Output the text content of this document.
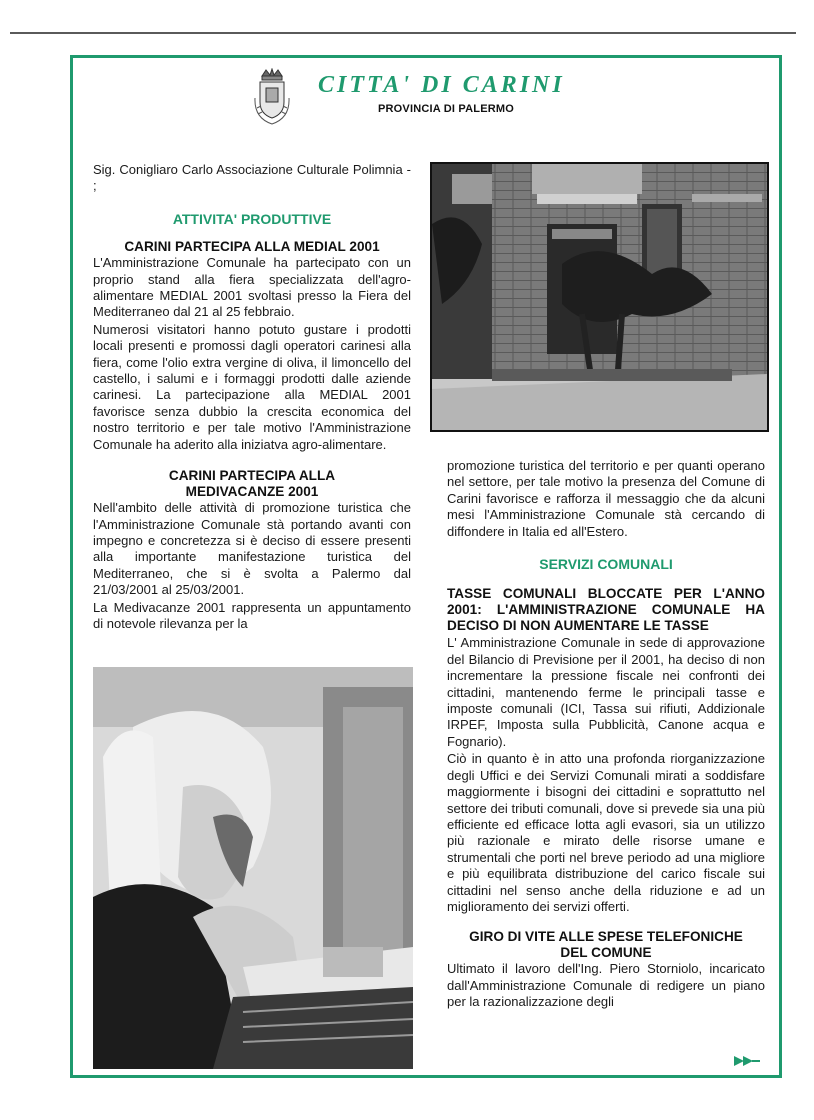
CITTA' DI CARINI
PROVINCIA DI PALERMO

Sig. Conigliaro Carlo Associazione Culturale Polimnia - ;

ATTIVITA' PRODUTTIVE

CARINI PARTECIPA ALLA MEDIAL 2001

L'Amministrazione Comunale ha partecipato con un proprio stand alla fiera specializzata dell'agro-alimentare MEDIAL 2001 svoltasi presso la Fiera del Mediterraneo dal 21 al 25 febbraio.

Numerosi visitatori hanno potuto gustare i prodotti locali presenti e promossi dagli operatori carinesi alla fiera, come l'olio extra vergine di oliva, il limoncello del castello, i salumi e i formaggi prodotti dalle aziende carinesi. La partecipazione alla MEDIAL 2001 favorisce senza dubbio la crescita economica del nostro territorio e per tale motivo l'Amministrazione Comunale ha aderito alla iniziatva agro-alimentare.

CARINI PARTECIPA ALLA
MEDIVACANZE 2001

Nell'ambito delle attività di promozione turistica che l'Amministrazione Comunale stà portando avanti con impegno e concretezza si è deciso di essere presenti alla importante manifestazione turistica del Mediterraneo, che si è svolta a Palermo dal 21/03/2001 al 25/03/2001.

La Medivacanze 2001 rappresenta un appuntamento di notevole rilevanza per la

promozione turistica del territorio e per quanti operano nel settore, per tale motivo la presenza del Comune di Carini favorisce e rafforza il messaggio che da alcuni mesi l'Amministrazione Comunale stà cercando di diffondere in Italia ed all'Estero.

SERVIZI COMUNALI

TASSE COMUNALI BLOCCATE PER L'ANNO 2001: L'AMMINISTRAZIONE COMUNALE HA DECISO DI NON AUMENTARE LE TASSE

L' Amministrazione Comunale in sede di approvazione del Bilancio di Previsione per il 2001, ha deciso di non incrementare la pressione fiscale nei confronti dei cittadini, mantenendo ferme le principali tasse e imposte comunali (ICI, Tassa sui rifiuti, Addizionale IRPEF, Imposta sulla Pubblicità, Canone acqua e Fognario).

Ciò in quanto è in atto una profonda riorganizzazione degli Uffici e dei Servizi Comunali mirati a soddisfare maggiormente i bisogni dei cittadini e soprattutto nel settore dei tributi comunali, dove si prevede sia una più efficiente ed efficace lotta agli evasori, sia un utilizzo più razionale e mirato delle risorse umane e strumentali che porti nel breve periodo ad una migliore e più equilibrata distribuzione del carico fiscale sui cittadini nel senso anche della riduzione e ad un miglioramento dei servizi offerti.

GIRO DI VITE ALLE SPESE TELEFONICHE
DEL COMUNE

Ultimato il lavoro dell'Ing. Piero Storniolo, incaricato dall'Amministrazione Comunale di redigere un piano per la razionalizzazione degli
